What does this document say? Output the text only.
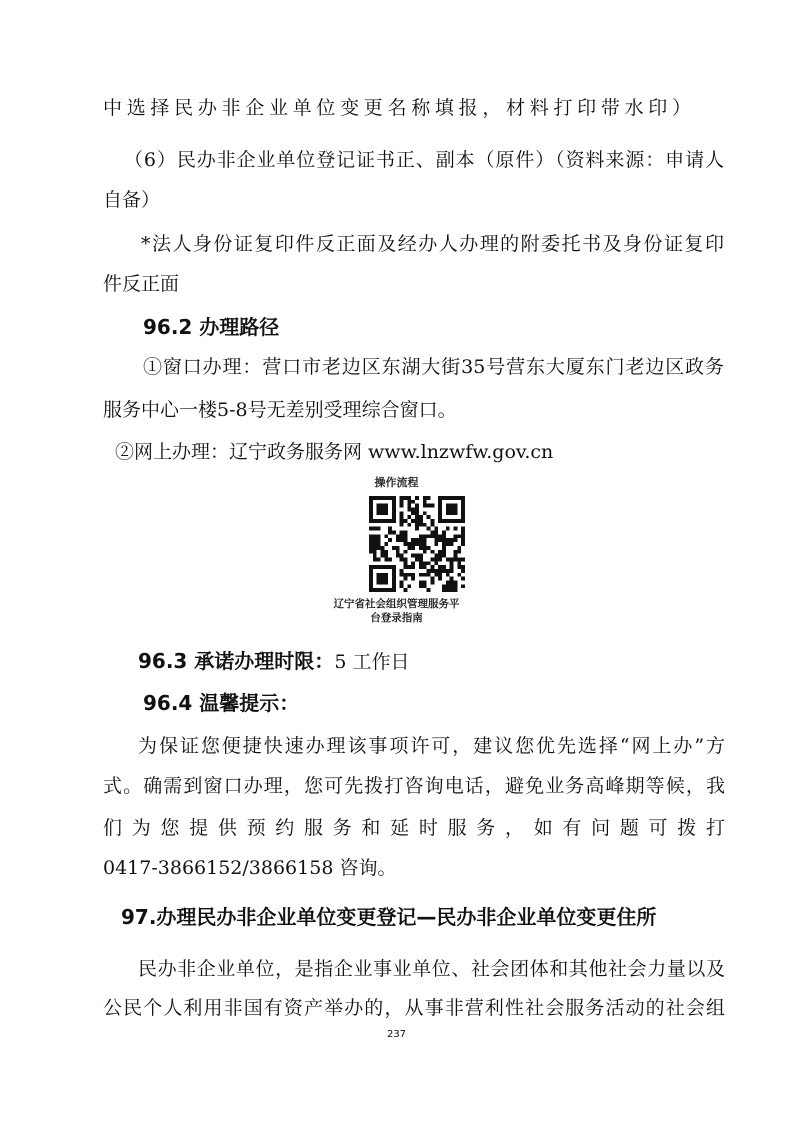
中选择民办非企业单位变更名称填报，材料打印带水印）
（6）民办非企业单位登记证书正、副本（原件）（资料来源：申请人
自备）
*法人身份证复印件反正面及经办人办理的附委托书及身份证复印
件反正面
96.2 办理路径
①窗口办理：营口市老边区东湖大街35号营东大厦东门老边区政务
服务中心一楼5-8号无差别受理综合窗口。
②网上办理：辽宁政务服务网 www.lnzwfw.gov.cn
操作流程
辽宁省社会组织管理服务平
台登录指南
96.3 承诺办理时限：5 工作日
96.4 温馨提示：
为保证您便捷快速办理该事项许可，建议您优先选择“网上办”方
式。确需到窗口办理，您可先拨打咨询电话，避免业务高峰期等候，我
们为您提供预约服务和延时服务，如有问题可拨打
0417-3866152/3866158 咨询。
97.办理民办非企业单位变更登记—民办非企业单位变更住所
民办非企业单位，是指企业事业单位、社会团体和其他社会力量以及
公民个人利用非国有资产举办的，从事非营利性社会服务活动的社会组
237
